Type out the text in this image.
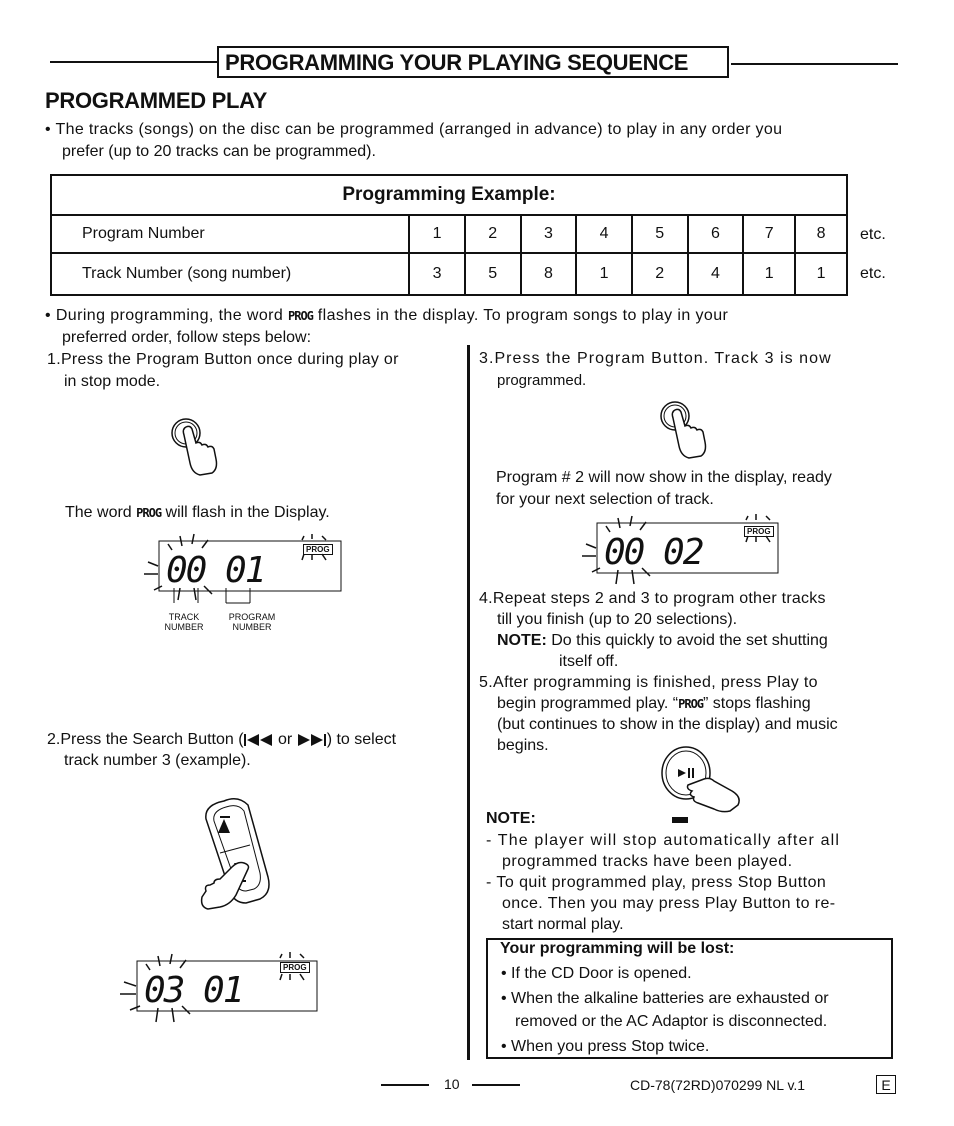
PROGRAMMING YOUR PLAYING SEQUENCE
PROGRAMMED PLAY
• The tracks (songs) on the disc can be programmed (arranged in advance) to play in any order you
prefer (up to 20 tracks can be programmed).
Programming Example:								
Program Number	1	2	3	4	5	6	7	8
Track Number (song number)	3	5	8	1	2	4	1	1
etc.
etc.
• During programming, the word PROG flashes in the display. To program songs to play in your
preferred order, follow steps below:
1.Press the Program Button once during play or
in stop mode.
The word PROG will flash in the Display.
00 01
PROG
TRACK
NUMBER
PROGRAM
NUMBER
2.Press the Search Button ( or ) to select
track number 3 (example).
03 01
PROG
3.Press the Program Button. Track 3 is now
programmed.
Program # 2 will now show in the display, ready
for your next selection of track.
00 02
PROG
4.Repeat steps 2 and 3 to program other tracks
till you finish (up to 20 selections).
NOTE: Do this quickly to avoid the set shutting
itself off.
5.After programming is finished, press Play to
begin programmed play. “PROG” stops flashing
(but continues to show in the display) and music
begins.
NOTE:
- The player will stop automatically after all
programmed tracks have been played.
- To quit programmed play, press Stop Button
once. Then you may press Play Button to re-
start normal play.
Your programming will be lost:
• If the CD Door is opened.
• When the alkaline batteries are exhausted or
removed or the AC Adaptor is disconnected.
• When you press Stop twice.
10	CD-78(72RD)070299 NL v.1	E
